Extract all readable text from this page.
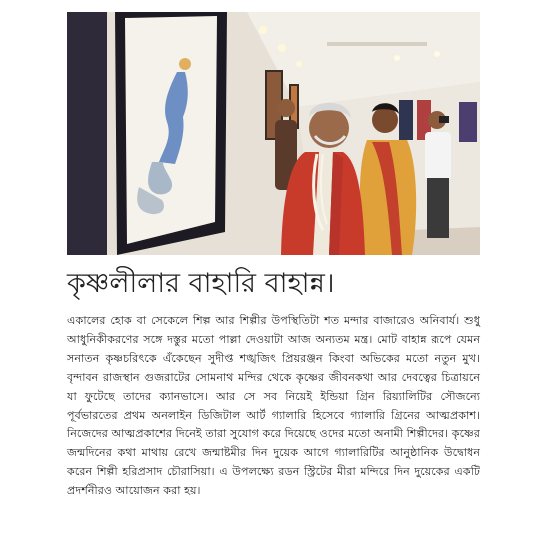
কৃষ্ণলীলার বাহারি বাহান্ন।

একালের হোক বা সেকেলে শিল্প আর শিল্পীর উপস্থিতিটা শত মন্দার বাজারেও অনিবার্য। শুধু আধুনিকীকরণের সঙ্গে দস্তুর মতো পাল্লা দেওয়াটা আজ অন্যতম মন্ত্র। মোট বাহান্ন রূপে যেমন সনাতন কৃষ্ণচরিৎকে এঁকেছেন সুদীপ্ত শঙ্খজিৎ প্রিয়রঞ্জন কিংবা অভিকের মতো নতুন মুখ। বৃন্দাবন রাজস্থান গুজরাটের সোমনাথ মন্দির থেকে কৃষ্ণের জীবনকথা আর দেবত্বের চিত্রায়নে যা ফুটেছে তাদের ক্যানভাসে। আর সে সব নিয়েই ইন্ডিয়া গ্রিন রিয়্যালিটির সৌজন্যে পূর্বভারতের প্রথম অনলাইন ডিজিটাল আর্ট গ্যালারি হিসেবে গ্যালারি গ্রিনের আত্মপ্রকাশ। নিজেদের আত্মপ্রকাশের দিনেই তারা সুযোগ করে দিয়েছে ওদের মতো অনামী শিল্পীদের। কৃষ্ণের জন্মদিনের কথা মাথায় রেখে জন্মাষ্টমীর দিন দুয়েক আগে গ্যালারিটির আনুষ্ঠানিক উদ্বোধন করেন শিল্পী হরিপ্রসাদ চৌরাসিয়া। এ উপলক্ষ্যে রডন স্ট্রিটের মীরা মন্দিরে দিন দুয়েকের একটি প্রদর্শনীরও আয়োজন করা হয়।
